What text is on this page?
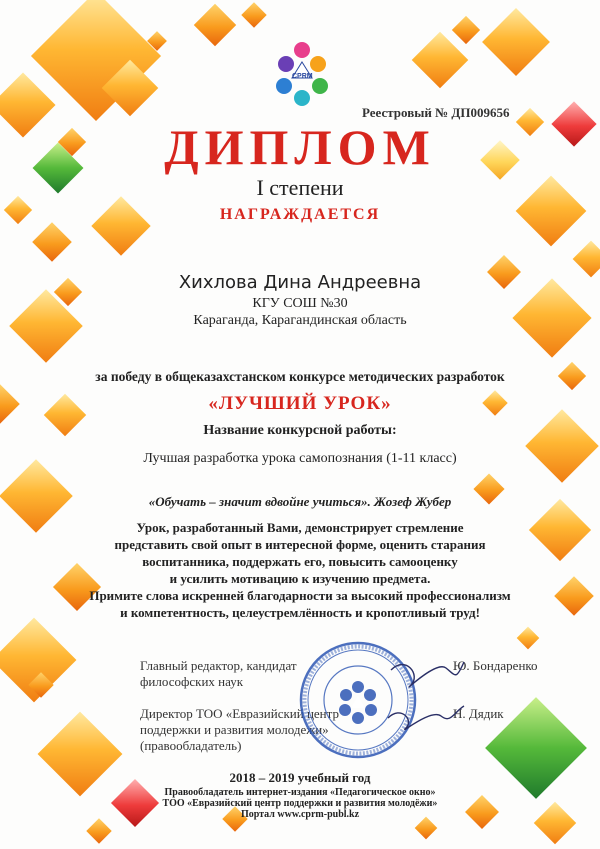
CPRM
Реестровый № ДП009656
ДИПЛОМ
I степени
НАГРАЖДАЕТСЯ
Хихлова Дина Андреевна
КГУ СОШ №30
Караганда, Карагандинская область
за победу в общеказахстанском конкурсе методических разработок
«ЛУЧШИЙ УРОК»
Название конкурсной работы:
Лучшая разработка урока самопознания (1-11 класс)
«Обучать – значит вдвойне учиться». Жозеф Жубер
Урок, разработанный Вами, демонстрирует стремление
представить свой опыт в интересной форме, оценить старания
воспитанника, поддержать его, повысить самооценку
и усилить мотивацию к изучению предмета.
Примите слова искренней благодарности за высокий профессионализм
и компетентность, целеустремлённость и кропотливый труд!
Главный редактор, кандидат
философских наук
Ю. Бондаренко
Директор ТОО «Евразийский центр
поддержки и развития молодежи»
(правообладатель)
Н. Дядик
2018 – 2019 учебный год
Правообладатель интернет-издания «Педагогическое окно»
ТОО «Евразийский центр поддержки и развития молодёжи»
Портал www.cprm-publ.kz
